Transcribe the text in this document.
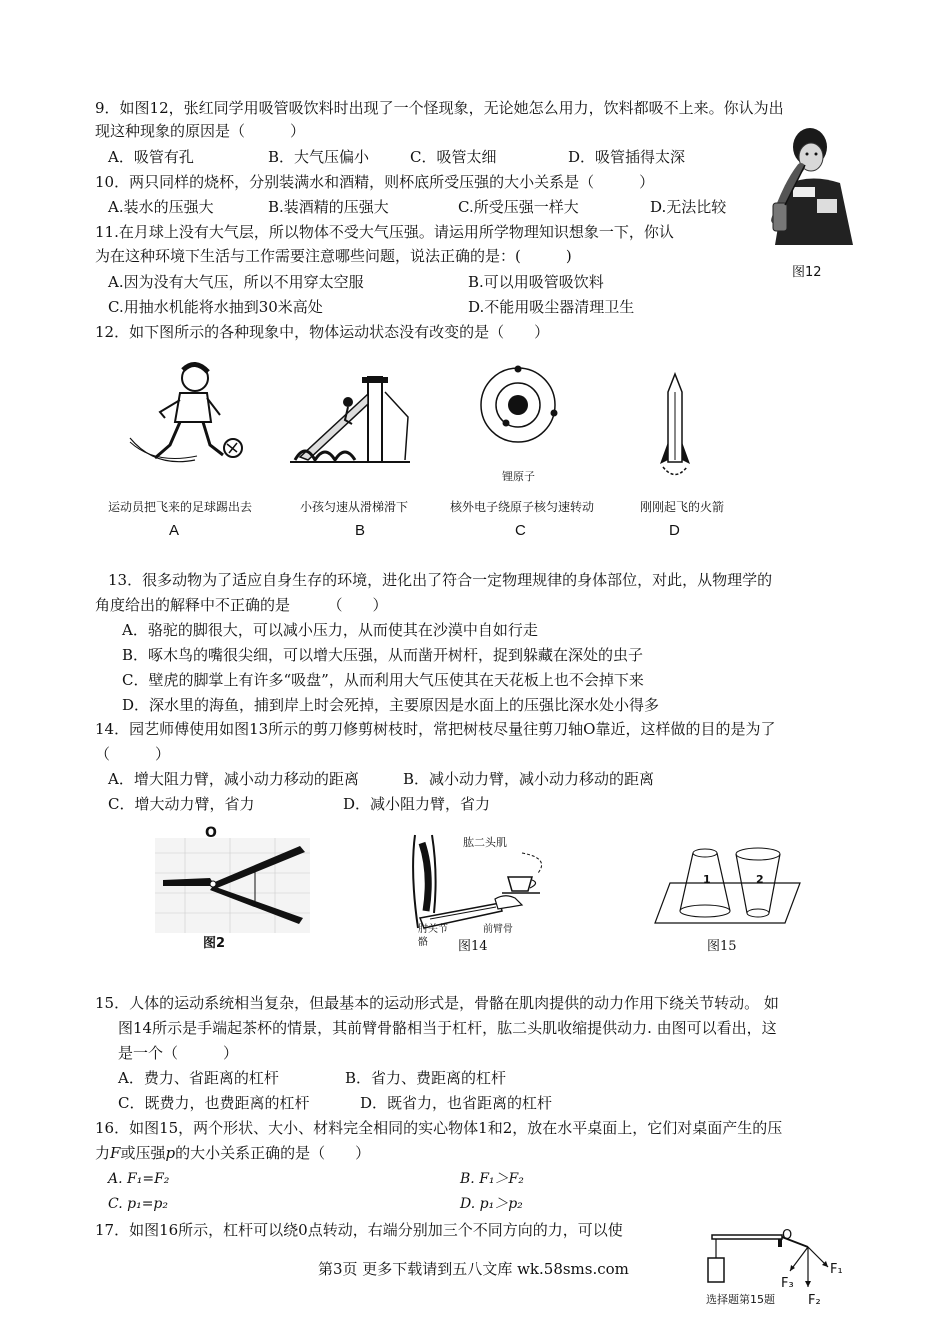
9．如图12，张红同学用吸管吸饮料时出现了一个怪现象，无论她怎么用力，饮料都吸不上来。你认为出
现这种现象的原因是（　　　）
A．吸管有孔	B．大气压偏小	C．吸管太细	D．吸管插得太深
10．两只同样的烧杯，分别装满水和酒精，则杯底所受压强的大小关系是（　　　）
A.装水的压强大	B.装酒精的压强大	C.所受压强一样大	D.无法比较
11.在月球上没有大气层，所以物体不受大气压强。请运用所学物理知识想象一下，你认
为在这种环境下生活与工作需要注意哪些问题，说法正确的是：(　　　)
A.因为没有大气压，所以不用穿太空服	B.可以用吸管吸饮料
C.用抽水机能将水抽到30米高处	D.不能用吸尘器清理卫生
图12
12．如下图所示的各种现象中，物体运动状态没有改变的是（　　）
锂原子
运动员把飞来的足球踢出去	小孩匀速从滑梯滑下	核外电子绕原子核匀速转动	刚刚起飞的火箭
A	B	C	D
13．很多动物为了适应自身生存的环境，进化出了符合一定物理规律的身体部位，对此，从物理学的
角度给出的解释中不正确的是　　　（　　）
A．骆驼的脚很大，可以减小压力，从而使其在沙漠中自如行走
B．啄木鸟的嘴很尖细，可以增大压强，从而凿开树杆，捉到躲藏在深处的虫子
C．壁虎的脚掌上有许多“吸盘”，从而利用大气压使其在天花板上也不会掉下来
D．深水里的海鱼，捕到岸上时会死掉，主要原因是水面上的压强比深水处小得多
14．园艺师傅使用如图13所示的剪刀修剪树枝时，常把树枝尽量往剪刀轴O靠近，这样做的目的是为了
（　　　）
A．增大阻力臂，减小动力移动的距离	B．减小动力臂，减小动力移动的距离
C．增大动力臂，省力	D．减小阻力臂，省力
O
图2
肱二头肌
肘关节
骼
前臂骨
图14
1	2
图15
15．人体的运动系统相当复杂，但最基本的运动形式是，骨骼在肌肉提供的动力作用下绕关节转动。 如
图14所示是手端起茶杯的情景，其前臂骨骼相当于杠杆，肱二头肌收缩提供动力. 由图可以看出，这
是一个（　　　）
A．费力、省距离的杠杆	B．省力、费距离的杠杆
C．既费力，也费距离的杠杆	D．既省力，也省距离的杠杆
16．如图15，两个形状、大小、材料完全相同的实心物体1和2，放在水平桌面上，它们对桌面产生的压
力F或压强p的大小关系正确的是（　　）
A. F₁=F₂	B. F₁＞F₂
C. p₁=p₂	D. p₁＞p₂
17．如图16所示，杠杆可以绕0点转动，右端分别加三个不同方向的力，可以使	O
F₁
F₃
F₂
选择题第15题
第3页 更多下载请到五八文库 wk.58sms.com
